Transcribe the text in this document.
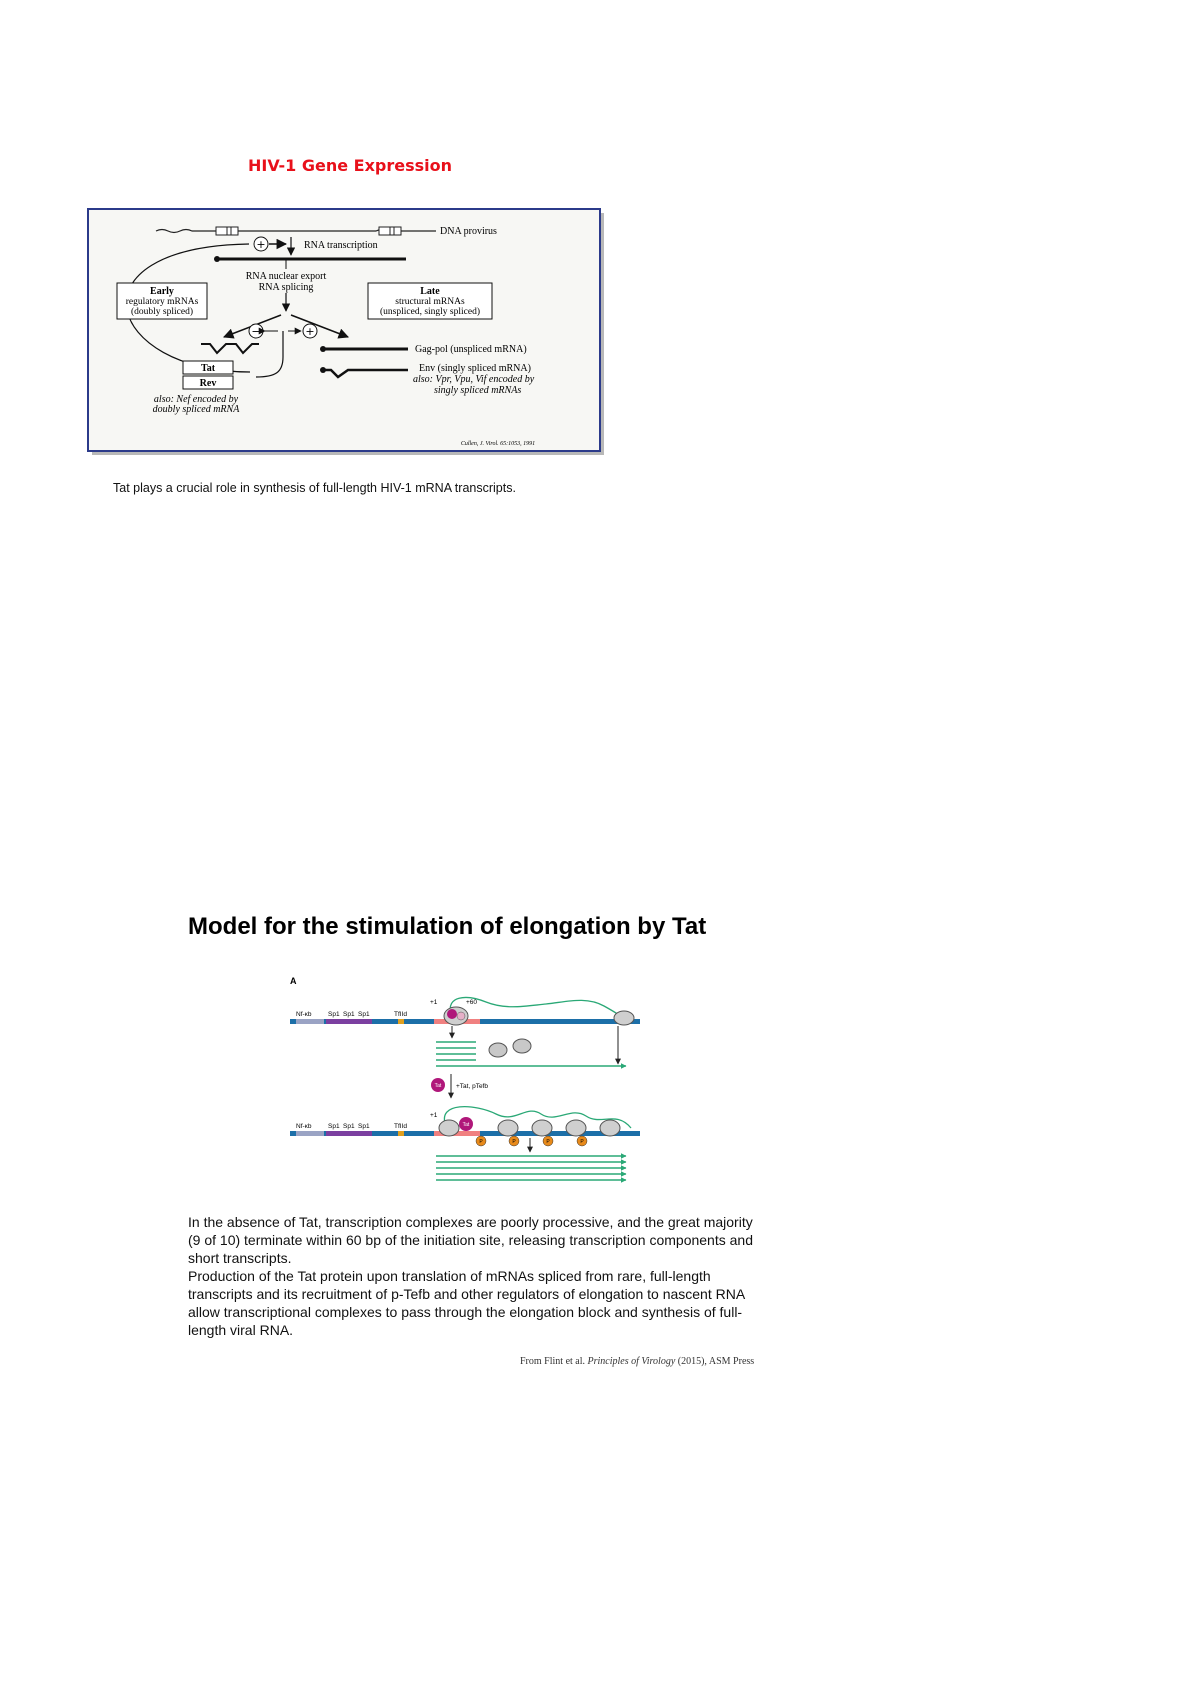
HIV-1 Gene Expression
DNA provirus
+	RNA transcription
RNA nuclear export
RNA splicing
Early
regulatory mRNAs
(doubly spliced)
Late
structural mRNAs
(unspliced, singly spliced)
−	+
Tat
Rev
also: Nef encoded by
doubly spliced mRNA
Gag-pol (unspliced mRNA)
Env (singly spliced mRNA)
also: Vpr, Vpu, Vif encoded by
singly spliced mRNAs
Cullen, J. Virol. 65:1053, 1991
Tat plays a crucial role in synthesis of full-length HIV-1 mRNA transcripts.
Model for the stimulation of elongation by Tat
A
Nf-κb	Sp1 Sp1 Sp1	TfIId
+1	+60
Tat +Tat, pTefb
Nf-κb	Sp1 Sp1 Sp1	TfIId
+1
Tat
P	P	P	P

In the absence of Tat, transcription complexes are poorly processive, and the great majority (9 of 10) terminate within 60 bp of the initiation site, releasing transcription components and short transcripts.

Production of the Tat protein upon translation of mRNAs spliced from rare, full-length transcripts and its recruitment of p-Tefb and other regulators of elongation to nascent RNA allow transcriptional complexes to pass through the elongation block and synthesis of full-length viral RNA.

From Flint et al. Principles of Virology (2015), ASM Press
